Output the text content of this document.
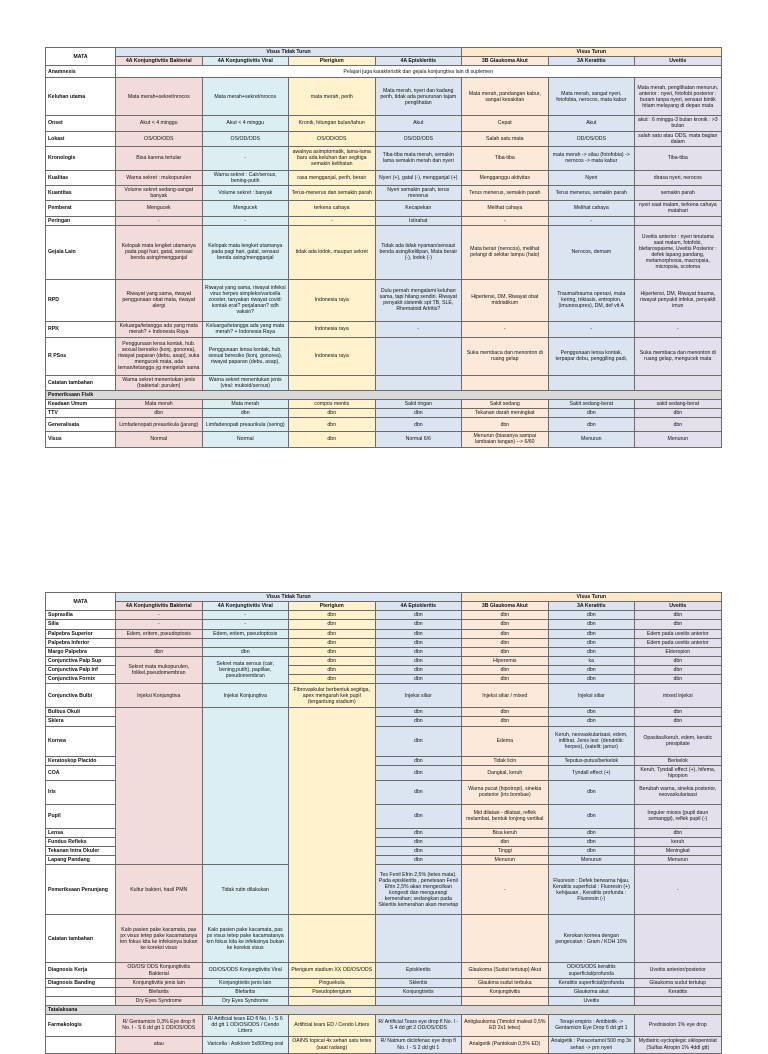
MATA	Visus Tidak Turun				Visus Turun		
	4A Konjungtivitis Bakterial	4A Konjungtivitis Viral	Pterigium	4A Episkleritis	3B Glaukoma Akut	3A Keratitis	Uveitis
Anamnesis	Pelajari juga karakteristik dan gejala konjungtiva lain di suplemen						
Keluhan utama	Mata merah+sekret/nrocos	Mata merah+sekret/nrocos	mata merah, perih	Mata merah, nyeri dan kadang perih, tidak ada penurunan tajam penglihatan	Mata merah, pandangan kabur, sangat kesakitan	Mata merah, sangat nyeri, fotofobia, nerocos, mata kabur	Mata merah, penglihatan menurun, anterior : nyeri, fotofobi posterior : buram tanpa nyeri, sensasi bintik hitam melayang di depan mata
Onset	Akut < 4 minggu	Akut < 4 minggu	Kronik, hitungan bulan/tahun	Akut	Cepat	Akut	akut : 6 minggu-3 bulan kronik : >3 bulan
Lokasi	OS/OD/ODS	OS/OD/ODS	OS/OD/ODS	OS/OD/ODS	Salah satu mata	OD/OS/ODS	salah satu atau ODS, mata bagian dalam
Kronologis	Bisa karena tertular	-	awalnya asimptomatik, lama-lama baru ada keluhan dan segitiga semakin kelihatan	Tiba-tiba mata merah, semakin lama semakin merah dan nyeri	Tiba-tiba	mata merah -> silau (fotofobia) -> nerocos -> mata kabur	Tiba-tiba
Kualitas	Warna sekret : mukopurulen	Warna sekret : Cair/serous, bening-putih	rasa mengganjal, perih, berair	Nyeri (+), gatal (-), mengganjal (+)	Mengganggu aktivitas	Nyeri	dirasa nyeri, nerocos
Kuantitas	Volume sekret sedang-sangat banyak	Volume sekret : banyak	Terus-menerus dan semakin parah	Nyeri semakin parah, terus menerus	Terus menerus, semakin parah	Terus menerus, semakin parah	semakin parah
Pemberat	Mengucek	Mengucek	terkena cahaya	Kecapekan	Melihat cahaya	Melihat cahaya	nyeri saat malam, terkena cahaya matahari
Peringan	-	-	-	Istirahat	-	-	
Gejala Lain	Kelopak mata lengket utamanya pada pagi hari, gatal, sensasi benda asing/mengganjal	Kelopak mata lengket utamanya pada pagi hari, gatal, sensasi benda asing/mengganjal	tidak ada lodok, maupun sekret	Tidak ada tidak nyaman/sensasi benda asing/kelilipan, Mata berair (-), lodok (-)	Mata berair (nerocos), melihat pelangi di sekitar lampu (halo)	Nerocos, demam	Uveitis anterior : nyeri terutama saat malam, fotofobi, blefarospasme, Uveitis Posterior : defek lapang pandang, metamorphosia, macropsia, micropsia, scotoma
RPD	Riwayat yang sama, riwayat penggunaan obat mata, riwayat alergi	Riwayat yang sama, riwayat infeksi virus herpes simpleks/varicella zooster, tanyakan riwayat covid: kontak erat? perjalanan? sdh vaksin?	Indonesia raya	Dulu pernah mengalami keluhan sama, tapi hilang sendiri. Riwayat penyakit sistemik spt TB, SLE, Rhematoid Artritis?	Hipertensi, DM, Riwayat obat midriatikum	Trauma/trauma operasi, mata kering, trikiasis, entropion, (imunosupres), DM, def vit A	Hipertensi, DM, Riwayat trauma, riwayat penyakit infeksi, penyakit imun
RPK	Keluarga/tetangga ada yang mata merah? + Indonesia Raya	Keluarga/tetangga ada yang mata merah? + Indonesia Raya	Indonesia raya	-	-	-	-
R PSos	Penggunaan lensa kontak, hub. sexual beresiko (konj. gonorea), riwayat paparan (debu, asap), suka mengucek mata, ada teman/tetangga yg mengeluh sama	Penggunaan lensa kontak, hub. sexual beresiko (konj. gonorea), riwayat paparan (debu, asap),	Indonesia raya		Suka membaca dan menonton di ruang gelap	Penggunaan lensa kontak, terpapar debu, penggiling padi,	Suka membaca dan menonton di ruang gelap, mengucek mata
Catatan tambahan	Warna sekret menentukan jenis (bakterial: purulen)	Warna sekret menentukan jenis (viral: mukoid/serous)					
Pemeriksaan Fisik							
Keadaan Umum	Mata merah	Mata merah	compos mentis	Sakit ringan	Sakit sedang	Sakit sedang-berat	sakit sedang-berat
TTV	dbn	dbn	dbn	dbn	Tekanan darah meningkat	dbn	dbn
Generalisata	Limfadenopati preaurikula (jarang)	Limfadenopati preaurikula (sering)	dbn	dbn	dbn	dbn	dbn
Visus	Normal	Normal	dbn	Normal 6/6	Menurun (biasanya sampai lambaian tangan) --> 6/60	Menurun	Menurun
MATA	Visus Tidak Turun				Visus Turun		
	4A Konjungtivitis Bakterial	4A Konjungtivitis Viral	Pterigium	4A Episkleritis	3B Glaukoma Akut	3A Keratitis	Uveitis
Suprasilia	-	-	dbn	dbn	dbn	dbn	dbn
Silia	-	-	dbn	dbn	dbn	dbn	dbn
Palpebra Superior	Edem, eritem, pseudoptosis	Edem, eritem, pseudoptosis	dbn	dbn	dbn	dbn	Edem pada uveitis anterior
Palpebra Inferior			dbn	dbn	dbn	dbn	Edem pada uveitis anterior
Margo Palpebra	dbn	dbn	dbn	dbn	dbn	dbn	Ekteropion
Conjunctiva Palp Sup	Sekret mata mukopurulen, folikel,pseudomembran	Sekret mata serous (cair, bening,putih), papillae, pseudomembran	dbn	dbn	Hiperemis	ka	dbn
Conjunctiva Palp Inf			dbn	dbn	dbn	dbn	dbn
Conjunctiva Fornix			dbn	dbn	dbn	dbn	dbn
Conjunctiva Bulbi	Injeksi Konjungtiva	Injeksi Konjungtiva	Fibrovaskular berbentuk segitiga, apex mengarah kek pupil (tergantung stadium)	Injeksi siliar	Injeksi siliar / mixed	Injeksi siliar	mixed injeksi
Bulbus Okuli				dbn	dbn	dbn	dbn
Sklera				dbn	dbn	dbn	dbn
Kornea				dbn	Edema	Keruh, neovaskularisasi, edem, infiltrat. Jenis lesi: (dendritik: herpes), (satelit: jamur)	Opasitas/keruh, edem, keratic presipitate
Keratoskop Placido				dbn	Tidak licin	Teputus-putus/berkelok	Berkelok
COA				dbn	Dangkal, keruh	Tyndall effect (+)	Keruh, Tyndall effect (+), hifema, hipopion
Iris				dbn	Warna pucat (hipotropi), sinekia posterior (iris bombae)	dbn	Berubah warna, sinekia posterior, neovaskularisasi
Pupil				dbn	Mid dilatasi - dilatasi, reflek melambat, bentuk lonjong vertikal	dbn	Ireguler miosis (pupil daun semanggi), reflek pupil (-)
Lensa				dbn	Bisa keruh	dbn	dbn
Fundus Refleks				dbn	dbn	dbn	keruh
Tekanan Intra Okuler				dbn	Tinggi	dbn	Meningkat
Lapang Pandang				dbn	Menurun	Menurun	Menurun
Pemeriksaan Penunjang	Kultur bakteri, hasil PMN	Tidak rutin dilakukan		Tes Fenil Efrin 2,5% (tetes mata). Pada episkleritis , penetesan Fenil Efrin 2,5% akan mengecilkan kongesti dan mengurangi kemerahan; sedangkan pada Skleritis kemerahan akan menetap	-	Fluoresin : Defek berwarna hijau. Keratitis superficial : Fluoresin (+) kehijauan , Keratitis profunda : Fluoresin (-)	-
Catatan tambahan	Kalo pasien pake kacamata, pas px visus tetep pake kacamatanya krn fokus kita ke infeksinya bukan ke koreksi visus	Kalo pasien pake kacamata, pas px visus tetep pake kacamatanya krn fokus kita ke infeksinya bukan ke koreksi visus				Kerokan kornea dengan pengecatan : Gram / KOH 10%	
Diagnosis Kerja	OD/OS/ ODS Konjungtivitis Bakterial	OD/OS/ODS Konjungtivitis Viral	Pterigium stadium XX OD/OS/ODS	Episkleritis	Glaukoma (Sudut tertutup) Akut	OD/OS/ODS keratitis superficial/profunda	Uveitis anterior/posterior
Diagnosis Banding	Konjungtivitis jenis lain	Konjungtivitis jenis lain	Pinguekula	Skleritis	Glaukma sudut terbuka	Keratitis superficial/profunda	Glaukoma sudut tertutup
	Blefaritis	Blefaritis	Pseudopterigium	Konjungtivitis	Konjungtivitis	Glaukoma akut	Keratitis
	Dry Eyes Syndrome	Dry Eyes Syndrome				Uveitis	
Tatalaksana							
Farmakologis	R/ Gentamicin 0,3% Eye drop fl No. I - S 6 dd gtt 1 OD/OS/ODS	R/ Artificial tears ED fl No. I - S 6 dd gtt 1 OD/OS/ODS / Cendo Litters	Artificial tears ED / Cendo Litters	R/ Artificial Tears eye drop fl No. I - S 4 dd gtt 2 OD/OS/ODS	Antiglaukoma (Timolol maleat 0,5% ED 2x1 tetes)	Terapi empiris : Antibiotik -> Gentamicin Eye Drop 6 dd gtt 1	Prednisolon 1% eye drop
	atau	Varicella : Asiklovir 5x800mg oral	OAINS topical 4x sehari satu tetes (saat radang)	R/ Natrium diclofenac eye drop fl No. I - S 2 dd gtt 1	Analgetik (Pantokain 0,5% ED)	Analgetik : Paracetamol 500 mg 3x sehari -> prn nyeri	Mydiatric-sycloplegic siklopentolat (Sulfas Atropin 1% 4ddl gtt)
